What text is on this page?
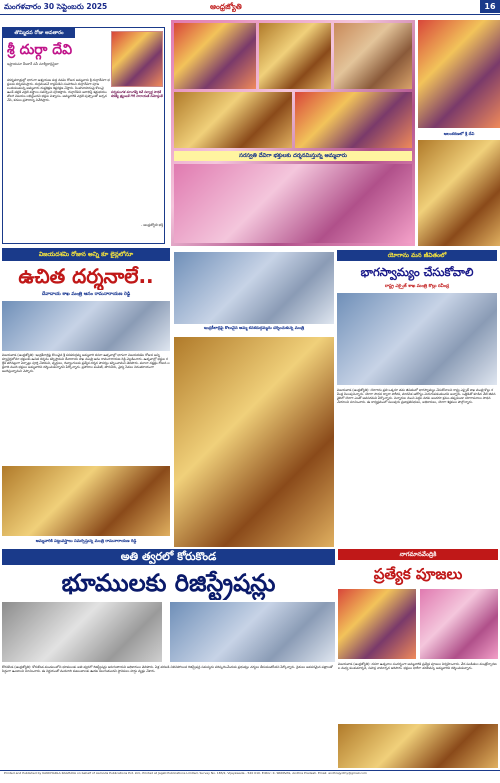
మంగళవారం 30 సెప్టెంబరు 2025	ఆంధ్రజ్యోతి	16
తొమ్మిదవ రోజు అవతారం
శ్రీ దుర్గా దేవి
ఇష్టాయమా కేంతారే వసీ మాశ్వీకాద్రిస్థితా
శరన్నవరాత్రుల్లో భాగంగా ఆశ్వయుజ శుద్ధ నవమి రోజున అమ్మవారు శ్రీ దుర్గాదేవిగా భక్తులకు దర్శనమిస్తారు. దుర్గముడనే రాక్షసుడిని సంహరించి దుర్గాదేవిగా పూజలందుకుంటున్న అమ్మవారు దుష్టశిక్షణ శిష్టరక్షణ చేస్తారు. సింహవాహనంపై కొలువై ఉండే తల్లికి ఎర్రటి వస్త్రాలు సమర్పించి పూజిస్తారు. దుర్గాదేవిని ఆరాధిస్తే శత్రుభయం తొలగి విజయం లభిస్తుందని భక్తుల విశ్వాసం. అమ్మవారికి ఎర్రటి పుష్పాలతో అర్చన చేసి, కదంబ ప్రసాదాన్ని నివేదిస్తారు.
సర్వమంగళ మాంగళ్యే శివే సర్వార్థ సాధికే శరణ్యే త్ర్యంబకే గౌరీ నారాయణి నమోస్తుతే
- ఆంధ్రజ్యోతి భక్తి
సరస్వతి దేవిగా భక్తులకు దర్శనమిస్తున్న అమ్మవారు
ఆలంకరణలో శ్రీ దేవి
విజయదశమి రోజున అన్ని కూ లైన్లలోనూ
ఉచిత దర్శనాలే..
దేవాదాయ శాఖ మంత్రి ఆనం రామనారాయణ రెడ్డి
విజయవాడ (ఆంధ్రజ్యోతి): ఇంద్రకీలాద్రిపై కొలువైన శ్రీ కనకదుర్గమ్మ అమ్మవారి దసరా ఉత్సవాల్లో భాగంగా విజయదశమి రోజున అన్ని క్యూలైన్లలోనూ భక్తులకు ఉచిత దర్శనం కల్పిస్తామని దేవాదాయ శాఖ మంత్రి ఆనం రామనారాయణ రెడ్డి వెల్లడించారు. ఉత్సవాల్లో భక్తుల రద్దీకి తగినట్లుగా ఏర్పాట్లు పూర్తి చేశామని, వృద్ధులు, దివ్యాంగులకు ప్రత్యేక దర్శన సౌకర్యం కల్పించామని తెలిపారు. మూలా నక్షత్రం రోజున లక్షలాది మంది భక్తులు అమ్మవారిని దర్శించుకున్నారని పేర్కొన్నారు. ప్రసాదాల పంపిణీ, తాగునీరు, వైద్య సేవలు నిరంతరాయంగా అందిస్తున్నామని చెప్పారు.
అమ్మవారికి పట్టువస్త్రాలు సమర్పిస్తున్న మంత్రి రామనారాయణ రెడ్డి
ఇంద్రకీలాద్రిపై కొలువైన అమ్మ కనకదుర్గమ్మను దర్శించుకున్న మంత్రి
యోగాను మన జీవితంలో
భాగస్వామ్యం చేసుకోవాలి
రాష్ట్ర ఎక్సైజ్ శాఖ మంత్రి కొల్లు రవీంద్ర
విజయవాడ (ఆంధ్రజ్యోతి): యోగాను ప్రతి ఒక్కరూ తమ జీవితంలో భాగస్వామ్యం చేసుకోవాలని రాష్ట్ర ఎక్సైజ్ శాఖ మంత్రి కొల్లు రవీంద్ర పిలుపునిచ్చారు. యోగా సాధన ద్వారా శారీరక, మానసిక ఆరోగ్యం మెరుగుపడుతుందని అన్నారు. ఒత్తిడితో కూడిన నేటి జీవనశైలిలో యోగా ఎంతో అవసరమని పేర్కొన్నారు. చిన్నారుల నుంచి పెద్దల వరకు అందరూ క్రమం తప్పకుండా యోగాసనాలు సాధన చేయాలని సూచించారు. ఈ కార్యక్రమంలో పలువురు ప్రజాప్రతినిధులు, అధికారులు, యోగా శిక్షకులు పాల్గొన్నారు.
అతి త్వరలో కోరుకొండ
భూములకు రిజిస్ట్రేషన్లు
కోరుకొండ (ఆంధ్రజ్యోతి): కోరుకొండ మండలంలోని భూములకు అతి త్వరలో రిజిస్ట్రేషన్లు జరుగుతాయని అధికారులు తెలిపారు. ఏళ్ల తరబడి నిలిచిపోయిన రిజిస్ట్రేషన్ల సమస్యను పరిష్కరించేందుకు ప్రభుత్వం చర్యలు తీసుకుంటోందని పేర్కొన్నారు. రైతులు అవసరమైన పత్రాలతో సిద్ధంగా ఉండాలని సూచించారు. ఈ నిర్ణయంతో వందలాది కుటుంబాలకు ఊరట కలుగుతుందని స్థానికులు హర్షం వ్యక్తం చేశారు.
నాగమానవేంద్రికి
ప్రత్యేక పూజలు
విజయవాడ (ఆంధ్రజ్యోతి): దసరా ఉత్సవాల సందర్భంగా అమ్మవారికి ప్రత్యేక పూజలు నిర్వహించారు. వేద పండితుల మంత్రోచ్ఛారణల మధ్య కుంకుమార్చన, సహస్ర నామార్చన జరిపారు. భక్తులు భారీగా తరలివచ్చి అమ్మవారిని దర్శించుకున్నారు.
Printed and Published by KANCHARLA RAGHAVA on behalf of Aamoda Publications Pvt. Ltd., Printed at Jagati Publications Limited, Survey No. 183/2, Vijayawada - 520 010. Editor: K. SRINIVAS, Andhra Pradesh. Email: andhrajyothy@gmail.com
